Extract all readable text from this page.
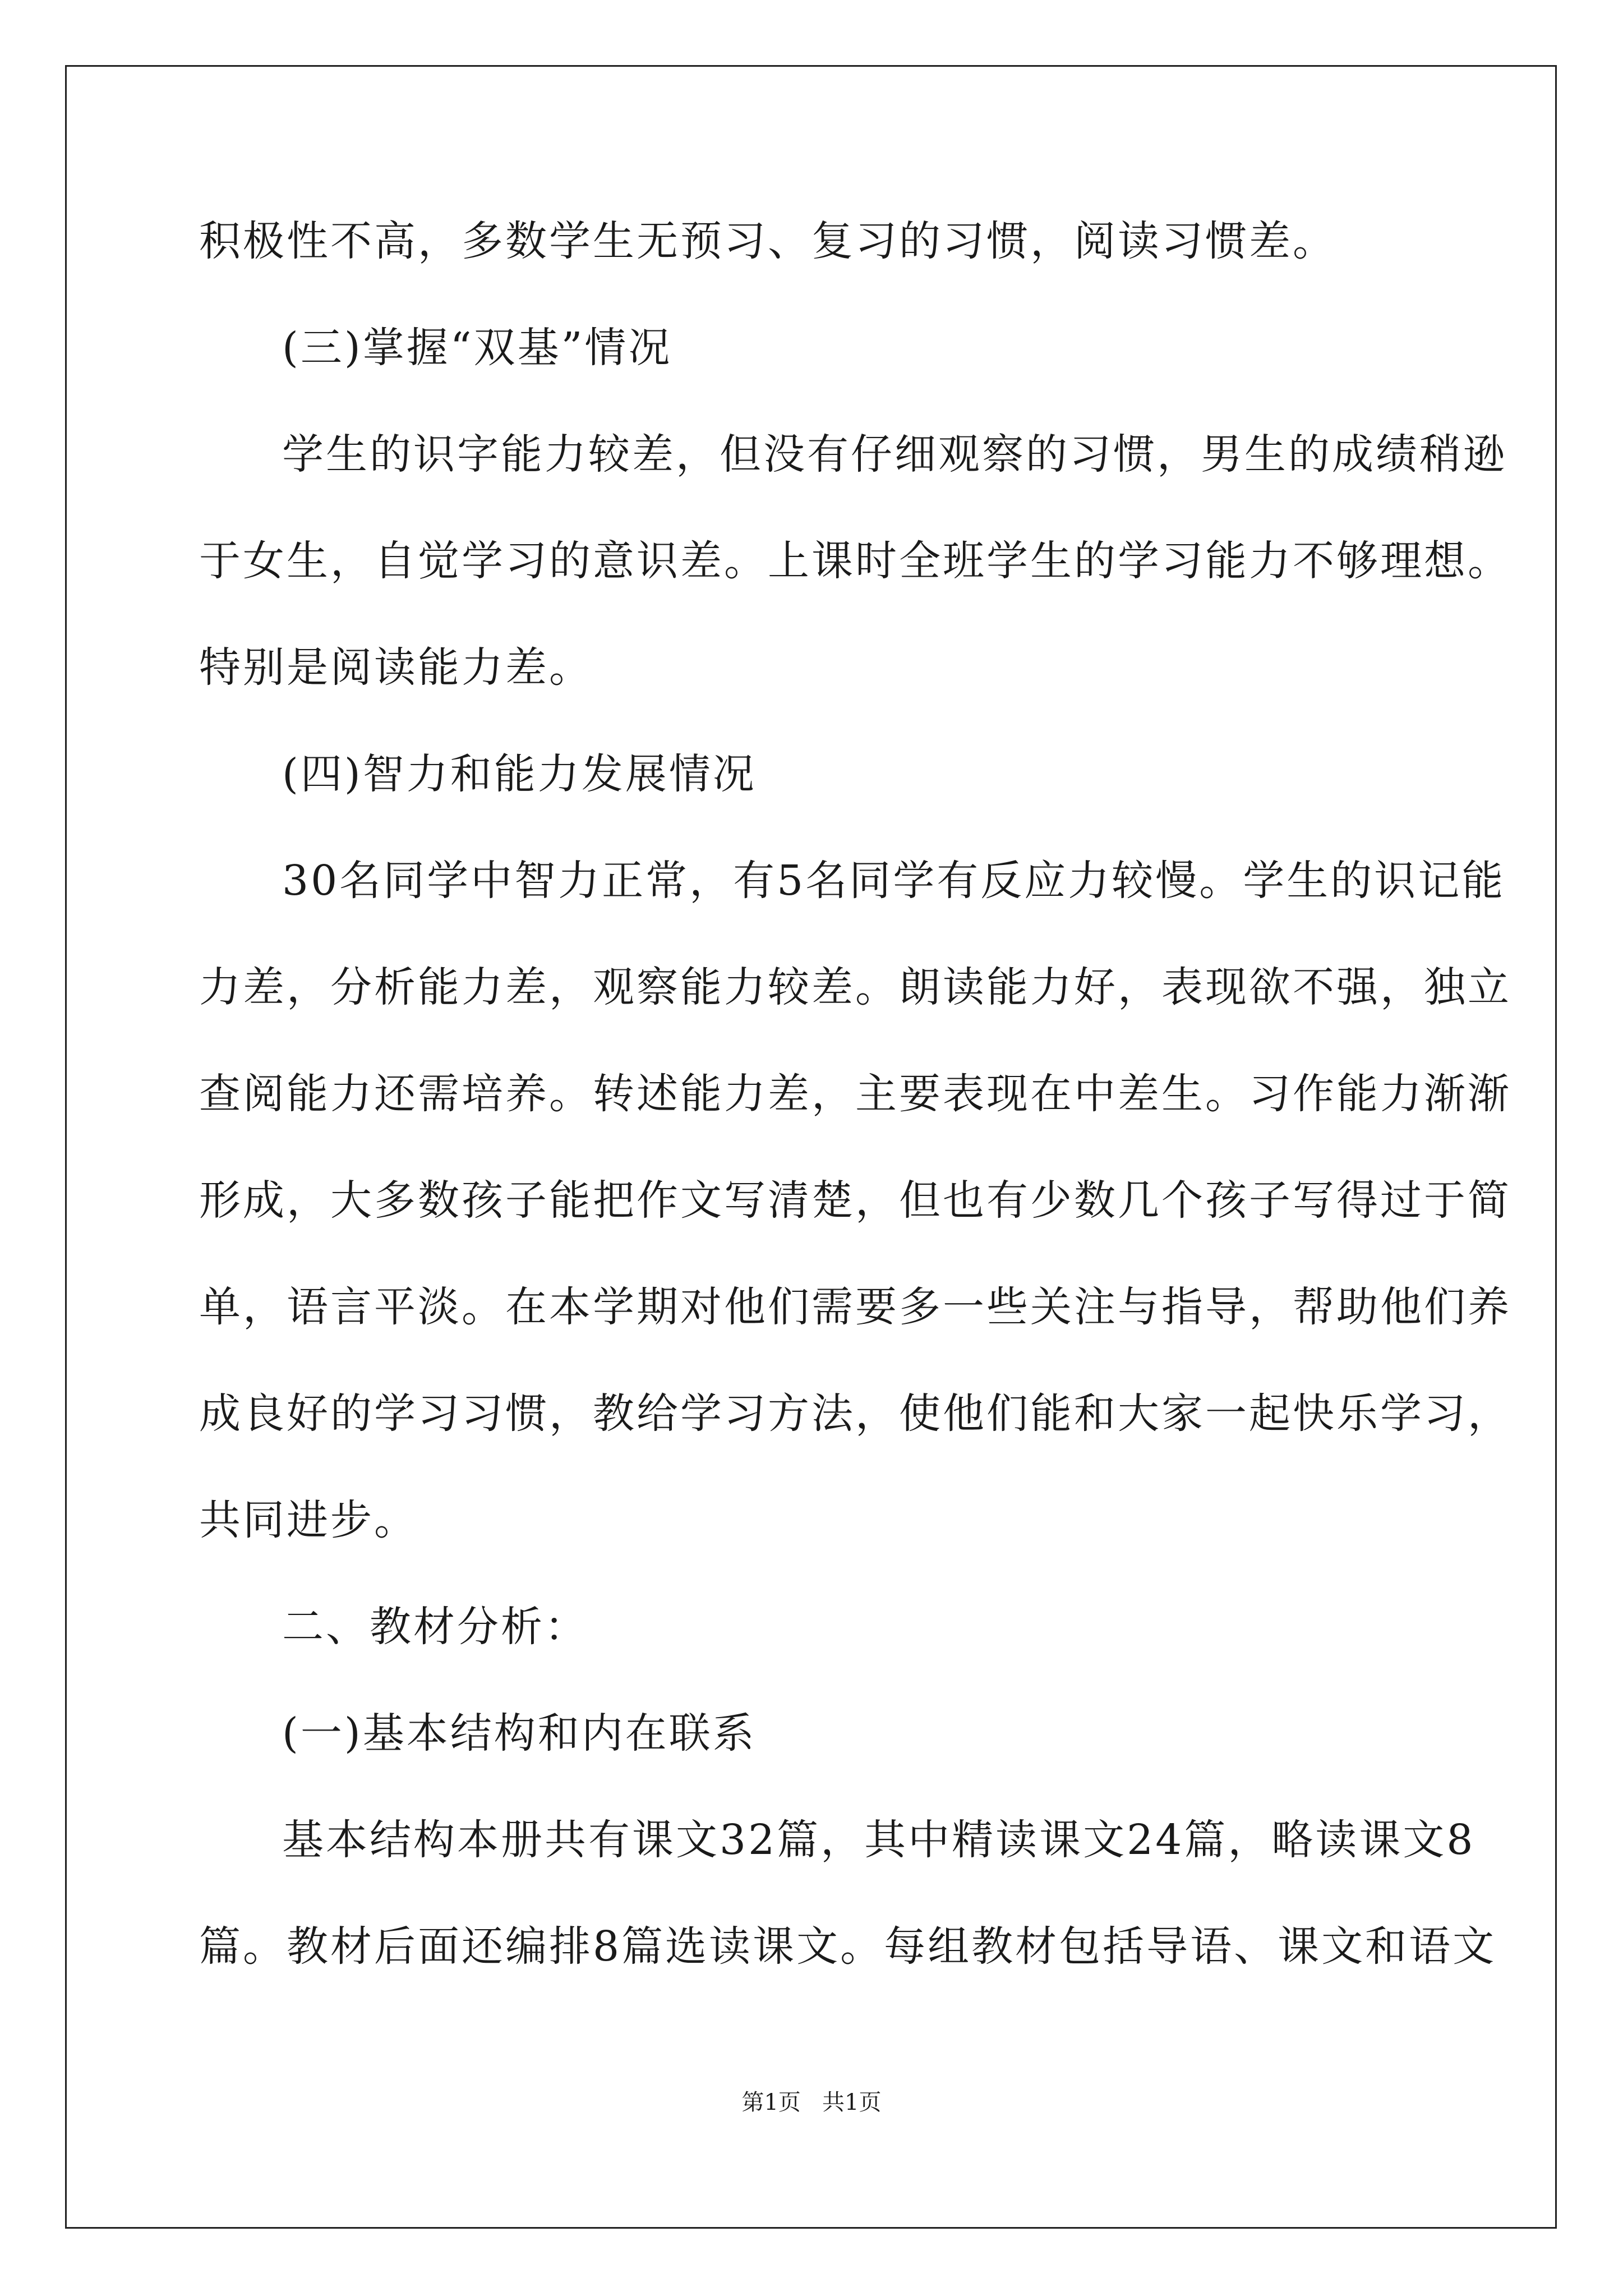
积极性不高，多数学生无预习、复习的习惯，阅读习惯差。
(三)掌握“双基”情况
学生的识字能力较差，但没有仔细观察的习惯，男生的成绩稍逊
于女生，自觉学习的意识差。上课时全班学生的学习能力不够理想。
特别是阅读能力差。
(四)智力和能力发展情况
30名同学中智力正常，有5名同学有反应力较慢。学生的识记能
力差，分析能力差，观察能力较差。朗读能力好，表现欲不强，独立
查阅能力还需培养。转述能力差，主要表现在中差生。习作能力渐渐
形成，大多数孩子能把作文写清楚，但也有少数几个孩子写得过于简
单，语言平淡。在本学期对他们需要多一些关注与指导，帮助他们养
成良好的学习习惯，教给学习方法，使他们能和大家一起快乐学习，
共同进步。
二、教材分析：
(一)基本结构和内在联系
基本结构本册共有课文32篇，其中精读课文24篇，略读课文8
篇。教材后面还编排8篇选读课文。每组教材包括导语、课文和语文
第1页   共1页
